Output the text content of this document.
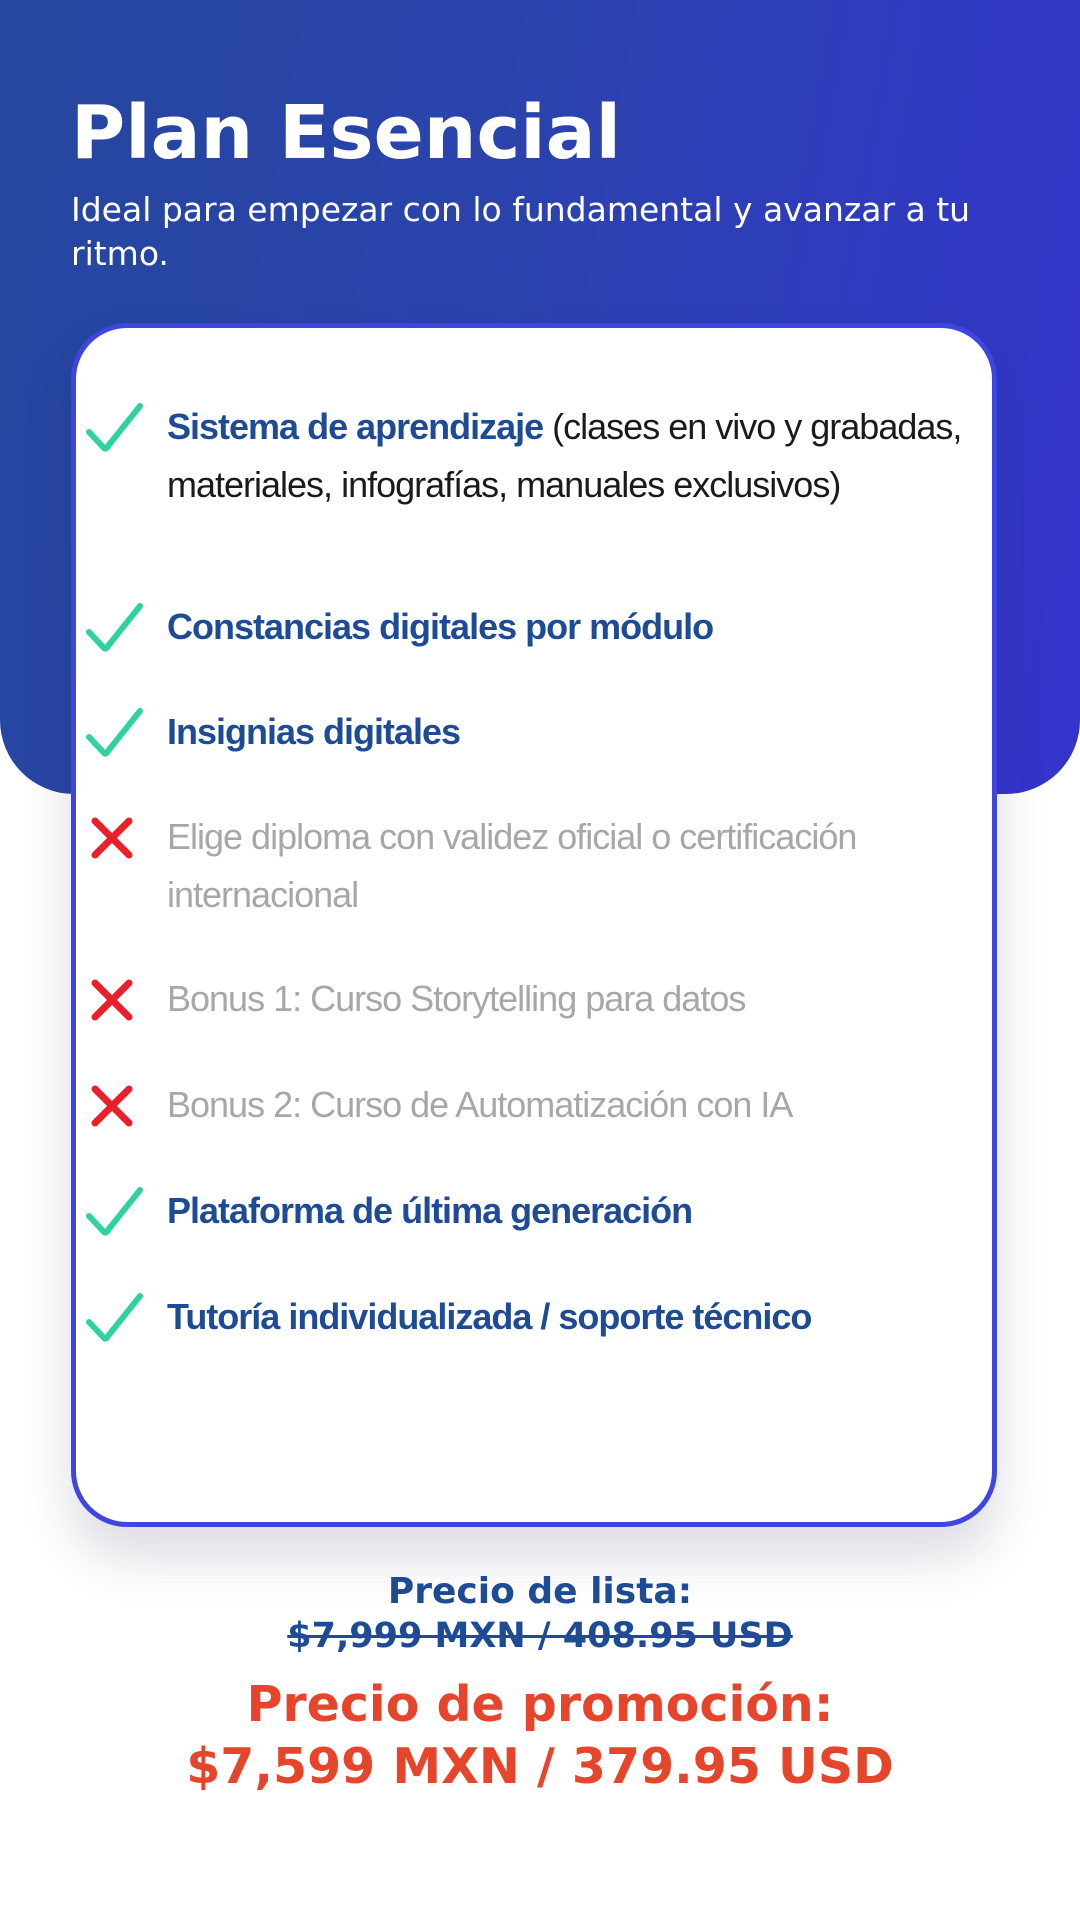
Plan Esencial

Ideal para empezar con lo fundamental y avanzar a tu ritmo.

Sistema de aprendizaje (clases en vivo y grabadas, materiales, infografías, manuales exclusivos)
Constancias digitales por módulo
Insignias digitales
Elige diploma con validez oficial o certificación internacional
Bonus 1: Curso Storytelling para datos
Bonus 2: Curso de Automatización con IA
Plataforma de última generación
Tutoría individualizada / soporte técnico

Precio de lista:

$7,999 MXN / 408.95 USD

Precio de promoción:

$7,599 MXN / 379.95 USD
